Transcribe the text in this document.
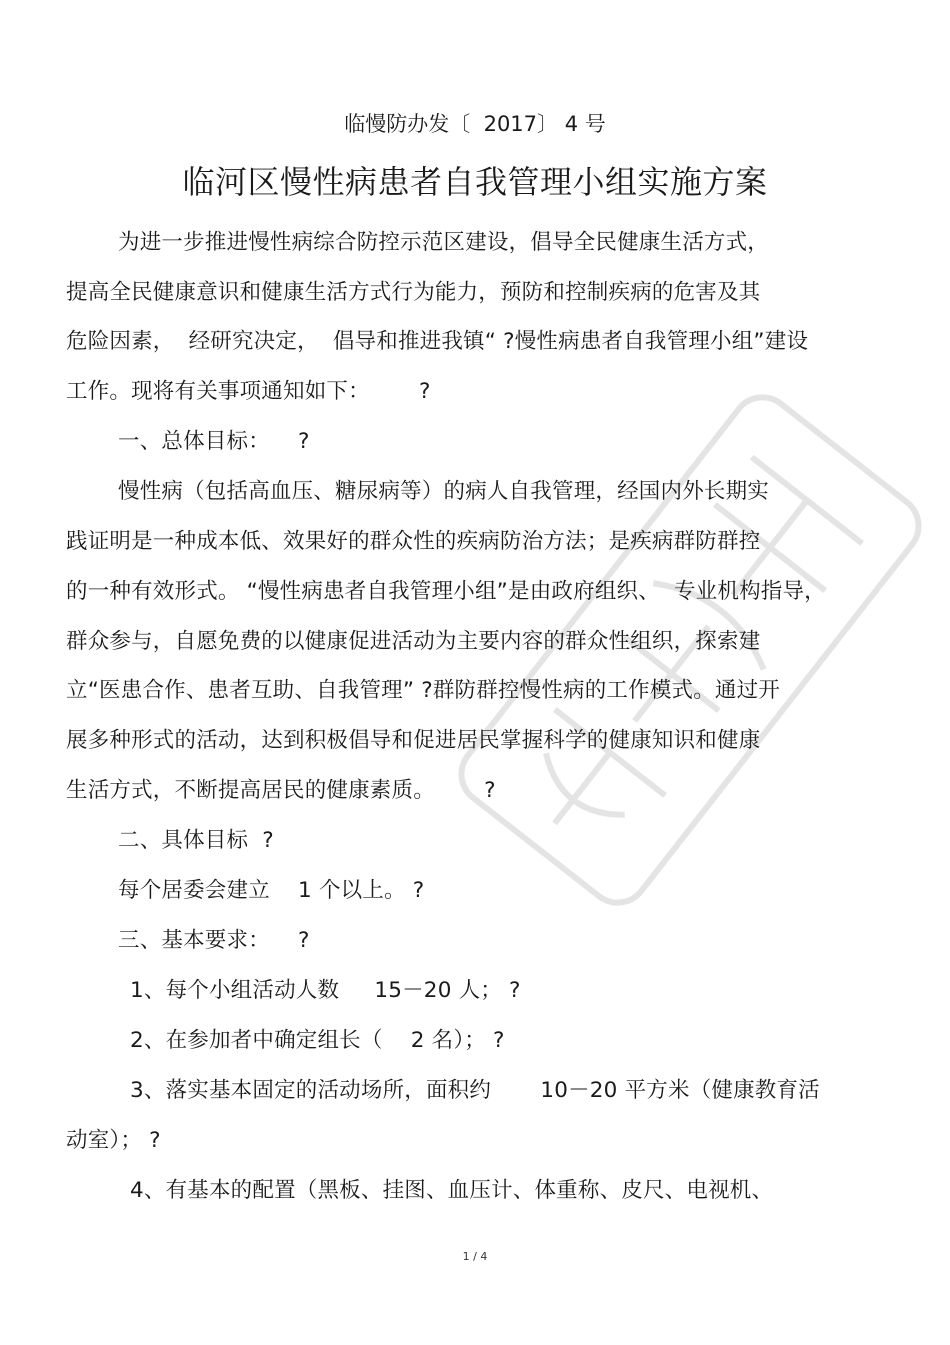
临慢防办发〔  2017〕 4 号
临河区慢性病患者自我管理小组实施方案
为进一步推进慢性病综合防控示范区建设，倡导全民健康生活方式，
提高全民健康意识和健康生活方式行为能力，预防和控制疾病的危害及其
危险因素，  经研究决定，  倡导和推进我镇“ ?慢性病患者自我管理小组”建设
工作。现将有关事项通知如下：       ?
一、总体目标：    ?
慢性病（包括高血压、糖尿病等）的病人自我管理，经国内外长期实
践证明是一种成本低、效果好的群众性的疾病防治方法；是疾病群防群控
的一种有效形式。 “慢性病患者自我管理小组”是由政府组织、  专业机构指导，
群众参与，自愿免费的以健康促进活动为主要内容的群众性组织，探索建
立“医患合作、患者互助、自我管理” ?群防群控慢性病的工作模式。通过开
展多种形式的活动，达到积极倡导和促进居民掌握科学的健康知识和健康
生活方式，不断提高居民的健康素质。       ?
二、具体目标  ?
每个居委会建立    1 个以上。 ?
三、基本要求：    ?
1、每个小组活动人数     15－20 人； ?
2、在参加者中确定组长（    2 名）； ?
3、落实基本固定的活动场所，面积约       10－20 平方米（健康教育活
动室）； ?
4、有基本的配置（黑板、挂图、血压计、体重称、皮尺、电视机、
1 / 4
